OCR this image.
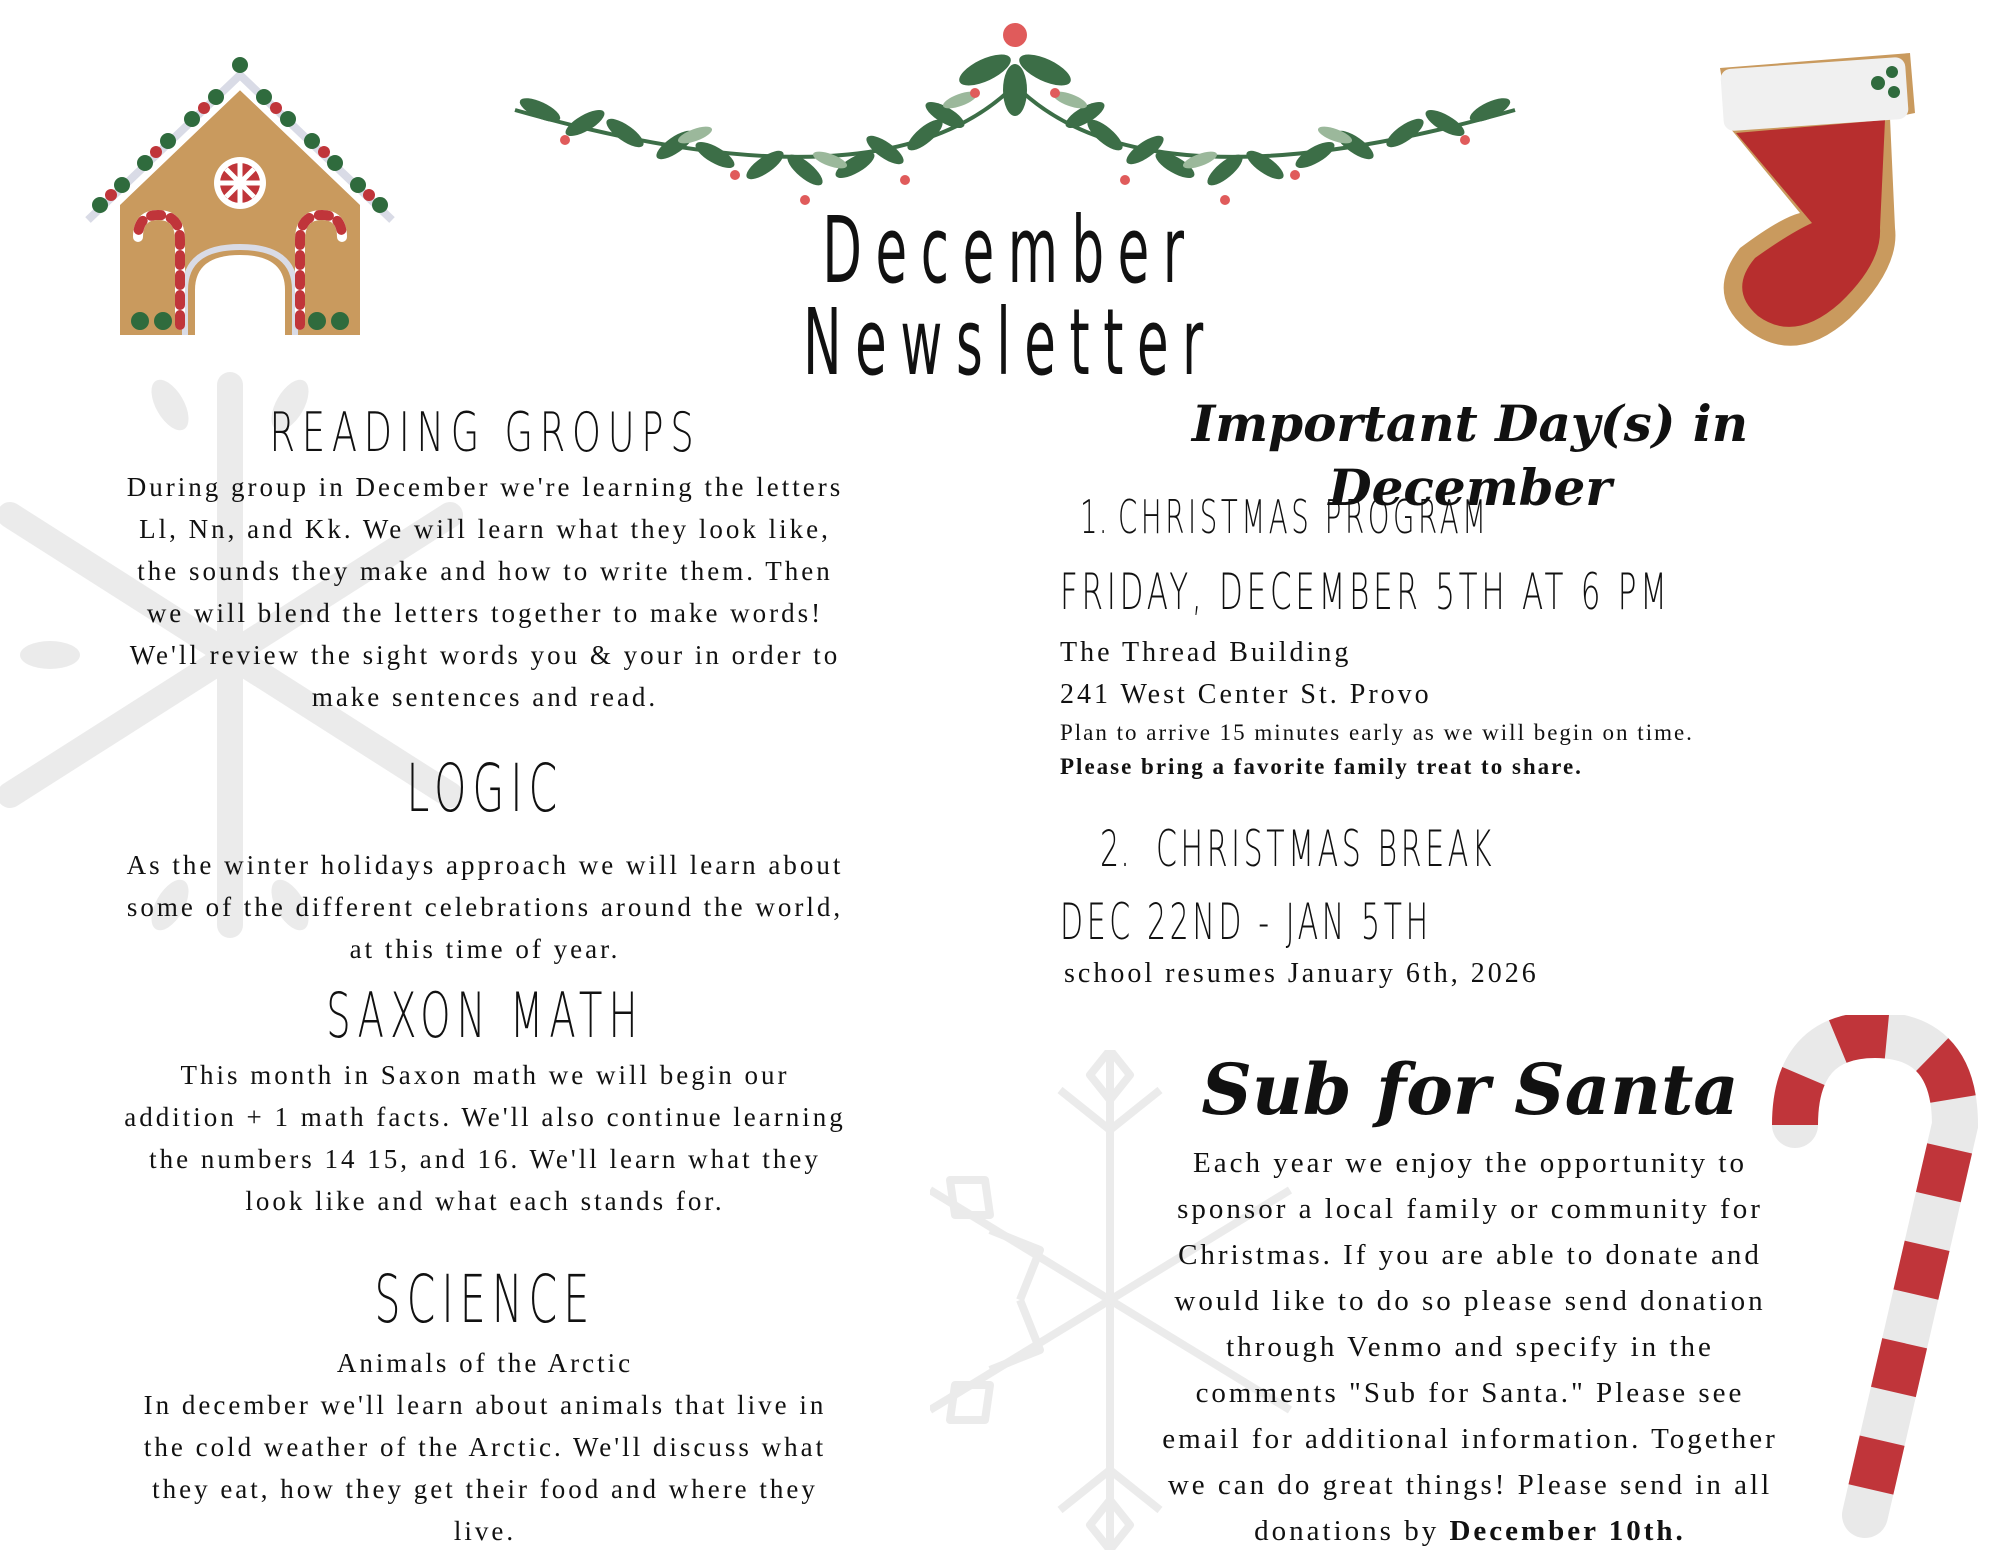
December Newsletter
READING GROUPS
During group in December we're learning the letters
Ll, Nn, and Kk. We will learn what they look like,
the sounds they make and how to write them. Then
we will blend the letters together to make words!
We'll review the sight words you & your in order to
make sentences and read.
LOGIC
As the winter holidays approach we will learn about
some of the different celebrations around the world,
at this time of year.
SAXON MATH
This month in Saxon math we will begin our
addition + 1 math facts. We'll also continue learning
the numbers 14 15, and 16. We'll learn what they
look like and what each stands for.
SCIENCE
Animals of the Arctic
In december we'll learn about animals that live in
the cold weather of the Arctic. We'll discuss what
they eat, how they get their food and where they
live.
Important Day(s) in December
1. CHRISTMAS PROGRAM
FRIDAY, DECEMBER 5TH AT 6 PM
The Thread Building
241 West Center St. Provo
Plan to arrive 15 minutes early as we will begin on time.
Please bring a favorite family treat to share.
2. CHRISTMAS BREAK
DEC 22ND - JAN 5TH
school resumes January 6th, 2026
Sub for Santa
Each year we enjoy the opportunity to
sponsor a local family or community for
Christmas. If you are able to donate and
would like to do so please send donation
through Venmo and specify in the
comments "Sub for Santa." Please see
email for additional information. Together
we can do great things! Please send in all
donations by December 10th.
